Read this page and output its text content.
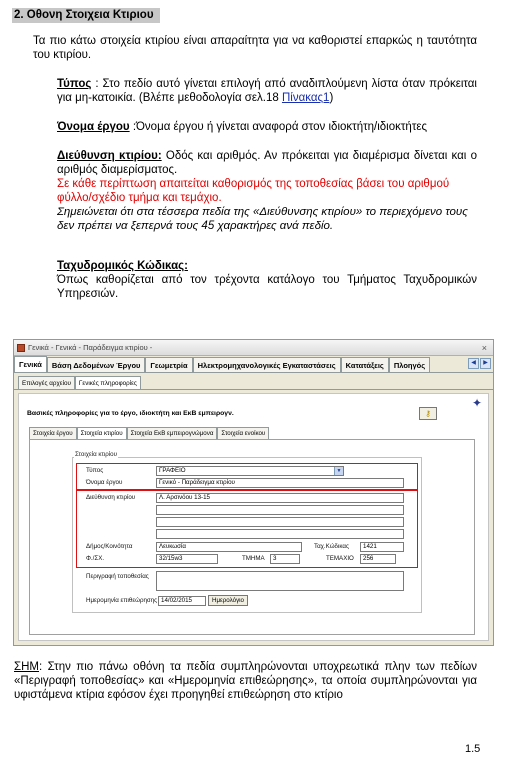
2. Οθονη Στοιχεια Κτιριου
Τα πιο κάτω στοιχεία κτιρίου είναι απαραίτητα για να καθοριστεί επαρκώς η ταυτότητα του κτιρίου.
Τύπος : Στο πεδίο αυτό γίνεται επιλογή από αναδιπλούμενη λίστα όταν πρόκειται για μη-κατοικία. (Βλέπε μεθοδολογία σελ.18 Πίνακας1)
Όνομα έργου :Όνομα έργου ή γίνεται αναφορά στον ιδιοκτήτη/ιδιοκτήτες
Διεύθυνση κτιρίου: Οδός και αριθμός. Αν πρόκειται για διαμέρισμα δίνεται και ο αριθμός διαμερίσματος.
Σε κάθε περίπτωση απαιτείται καθορισμός της τοποθεσίας βάσει του αριθμού φύλλο/σχέδιο τμήμα και τεμάχιο.
Σημειώνεται ότι στα τέσσερα πεδία της «Διεύθυνσης κτιρίου» το περιεχόμενο τους δεν πρέπει να ξεπερνά τους 45 χαρακτήρες ανά πεδίο.
Ταχυδρομικός Κώδικας:
Όπως καθορίζεται από τον τρέχοντα κατάλογο του Τμήματος Ταχυδρομικών Υπηρεσιών.
Γενικά - Γενικά - Παράδειγμα κτιρίου -	×
Γενικά	Βάση Δεδομένων Έργου	Γεωμετρία	Ηλεκτρομηχανολογικές Εγκαταστάσεις	Κατατάξεις	Πλοηγός	◀	▶
Επιλογές αρχείου	Γενικές πληροφορίες
✦
Βασικές πληροφορίες για το έργο, ιδιοκτήτη και ΕκΒ εμπειρογν.	⚷
Στοιχεία έργου	Στοιχεία κτιρίου	Στοιχεία ΕκΒ εμπειρογνώμονα	Στοιχεία ενοίκου
Στοιχεία κτιρίου
Τύπος	ΓΡΑΦΕΙΟ	▼
Όνομα έργου	Γενικό - Παράδειγμα κτιρίου
Διεύθυνση κτιρίου	Λ. Αρσινόου 13-15
Δήμος/Κοινότητα	Λευκωσία	Ταχ.Κώδικας	1421
Φ./ΣΧ.	32/15w3	ΤΜΗΜΑ	3	ΤΕΜΑΧΙΟ	256
Περιγραφή τοποθεσίας
Ημερομηνία επιθεώρησης 14/02/2015	Ημερολόγιο
ΣΗΜ: Στην πιο πάνω οθόνη τα πεδία συμπληρώνονται υποχρεωτικά πλην των πεδίων «Περιγραφή τοποθεσίας» και «Ημερομηνία επιθεώρησης», τα οποία συμπληρώνονται για υφιστάμενα κτίρια εφόσον έχει προηγηθεί επιθεώρηση στο κτίριο
1.5
